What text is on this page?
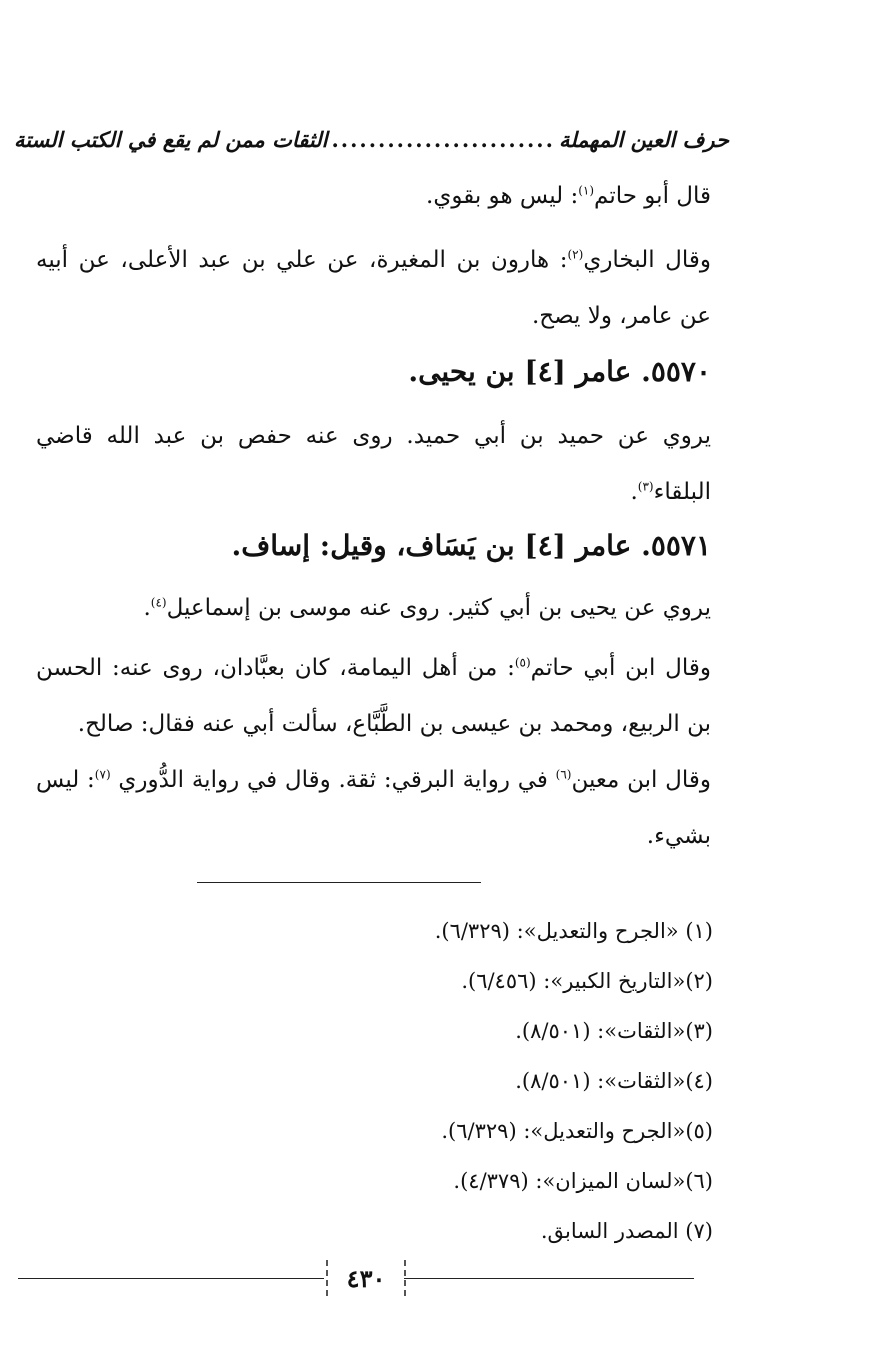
حرف العين المهملة
........................
الثقات ممن لم يقع في الكتب الستة
قال أبو حاتم$^{(١)}$: ليس هو بقوي.
وقال البخاري$^{(٢)}$: هارون بن المغيرة، عن علي بن عبد الأعلى، عن أبيه عن عامر، ولا يصح.
٥٥٧٠. عامر [٤] بن يحيى.
يروي عن حميد بن أبي حميد. روى عنه حفص بن عبد الله قاضي البلقاء$^{(٣)}$.
٥٥٧١. عامر [٤] بن يَسَاف، وقيل: إساف.
يروي عن يحيى بن أبي كثير. روى عنه موسى بن إسماعيل$^{(٤)}$.
وقال ابن أبي حاتم$^{(٥)}$: من أهل اليمامة، كان بعبَّادان، روى عنه: الحسن بن الربيع، ومحمد بن عيسى بن الطَّبَّاع، سألت أبي عنه فقال: صالح.
وقال ابن معين$^{(٦)}$ في رواية البرقي: ثقة. وقال في رواية الدُّوري $^{(٧)}$: ليس بشيء.
(١) «الجرح والتعديل»: (٦/٣٢٩).
(٢)«التاريخ الكبير»: (٦/٤٥٦).
(٣)«الثقات»: (٨/٥٠١).
(٤)«الثقات»: (٨/٥٠١).
(٥)«الجرح والتعديل»: (٦/٣٢٩).
(٦)«لسان الميزان»: (٤/٣٧٩).
(٧) المصدر السابق.
٤٣٠
